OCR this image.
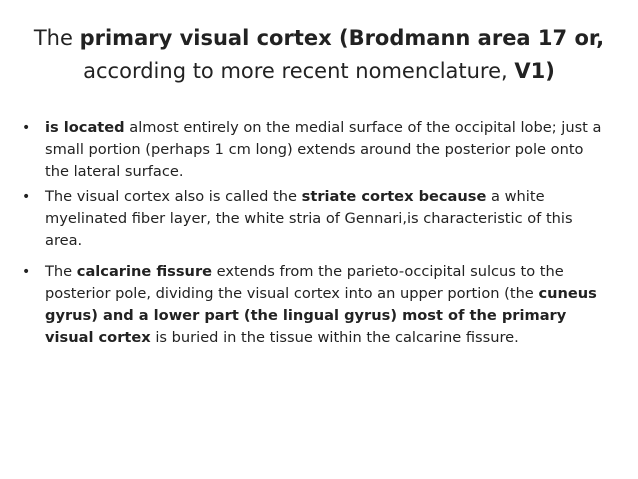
The primary visual cortex (Brodmann area 17 or,
according to more recent nomenclature, V1)
• is located almost entirely on the medial surface of the occipital lobe; just a small portion (perhaps 1 cm long) extends around the posterior pole onto the lateral surface.
• The visual cortex also is called the striate cortex because a white myelinated fiber layer, the white stria of Gennari,is characteristic of this area.
• The calcarine fissure extends from the parieto-occipital sulcus to the posterior pole, dividing the visual cortex into an upper portion (the cuneus gyrus) and a lower part (the lingual gyrus) most of the primary visual cortex is buried in the tissue within the calcarine fissure.
